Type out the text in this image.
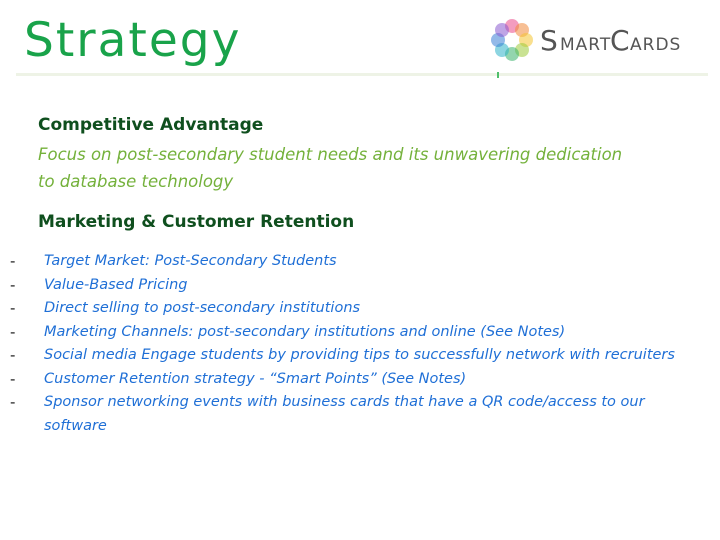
Strategy	S MART
C ARDS
Competitive Advantage
Focus on post-secondary student needs and its unwavering dedication to database technology
Marketing & Customer Retention
- Target Market: Post-Secondary Students
- Value-Based Pricing
- Direct selling to post-secondary institutions
- Marketing Channels: post-secondary institutions and online (See Notes)
- Social media Engage students by providing tips to successfully network with recruiters
- Customer Retention strategy - “Smart Points” (See Notes)
- Sponsor networking events with business cards that have a QR code/access to our software
